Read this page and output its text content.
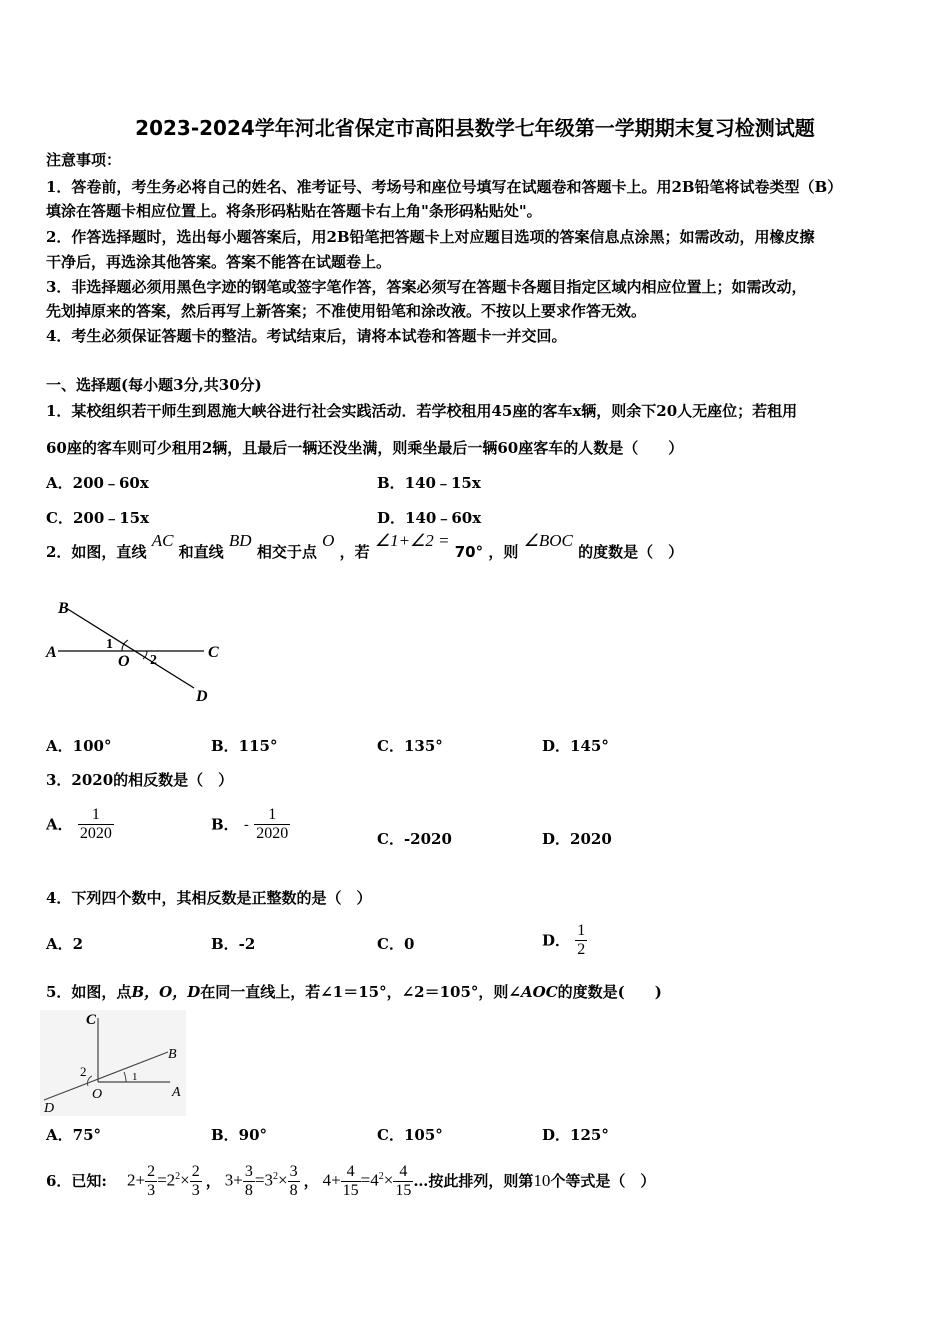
2023-2024学年河北省保定市高阳县数学七年级第一学期期末复习检测试题
注意事项：
1．答卷前，考生务必将自己的姓名、准考证号、考场号和座位号填写在试题卷和答题卡上。用2B铅笔将试卷类型（B）
填涂在答题卡相应位置上。将条形码粘贴在答题卡右上角"条形码粘贴处"。
2．作答选择题时，选出每小题答案后，用2B铅笔把答题卡上对应题目选项的答案信息点涂黑；如需改动，用橡皮擦
干净后，再选涂其他答案。答案不能答在试题卷上。
3．非选择题必须用黑色字迹的钢笔或签字笔作答，答案必须写在答题卡各题目指定区域内相应位置上；如需改动，
先划掉原来的答案，然后再写上新答案；不准使用铅笔和涂改液。不按以上要求作答无效。
4．考生必须保证答题卡的整洁。考试结束后，请将本试卷和答题卡一并交回。
一、选择题(每小题3分,共30分)
1．某校组织若干师生到恩施大峡谷进行社会实践活动．若学校租用45座的客车x辆，则余下20人无座位；若租用
60座的客车则可少租用2辆，且最后一辆还没坐满，则乘坐最后一辆60座客车的人数是（　　）
A．200﹣60x	B．140﹣15x
C．200﹣15x	D．140﹣60x
2．如图，直线 AC 和直线 BD 相交于点 O ，若 ∠1+∠2 = 70° ，则 ∠BOC 的度数是（　）
B
A	C
O
D
1
2
A．100°	B．115°	C．135°	D．145°
3．2020的相反数是（　）
A． $\frac{1}{2020}$	B． - $\frac{1}{2020}$	C．-2020	D．2020
4．下列四个数中，其相反数是正整数的是（　）
A．2	B．-2	C．0	D． $\frac{1}{2}$
5．如图，点B，O，D在同一直线上，若∠1＝15°，∠2＝105°，则∠AOC的度数是(　　)
C
B
A
O
D
2	1
A．75°	B．90°	C．105°	D．125°
6．已知: $2+ \frac{2}{3} =2^2\times \frac{2}{3}$ ， $3+ \frac{3}{8} =3^2\times \frac{3}{8}$ ， $4+ \frac{4}{15} =4^2\times \frac{4}{15}$ …按此排列，则第 10 个等式是（　）
